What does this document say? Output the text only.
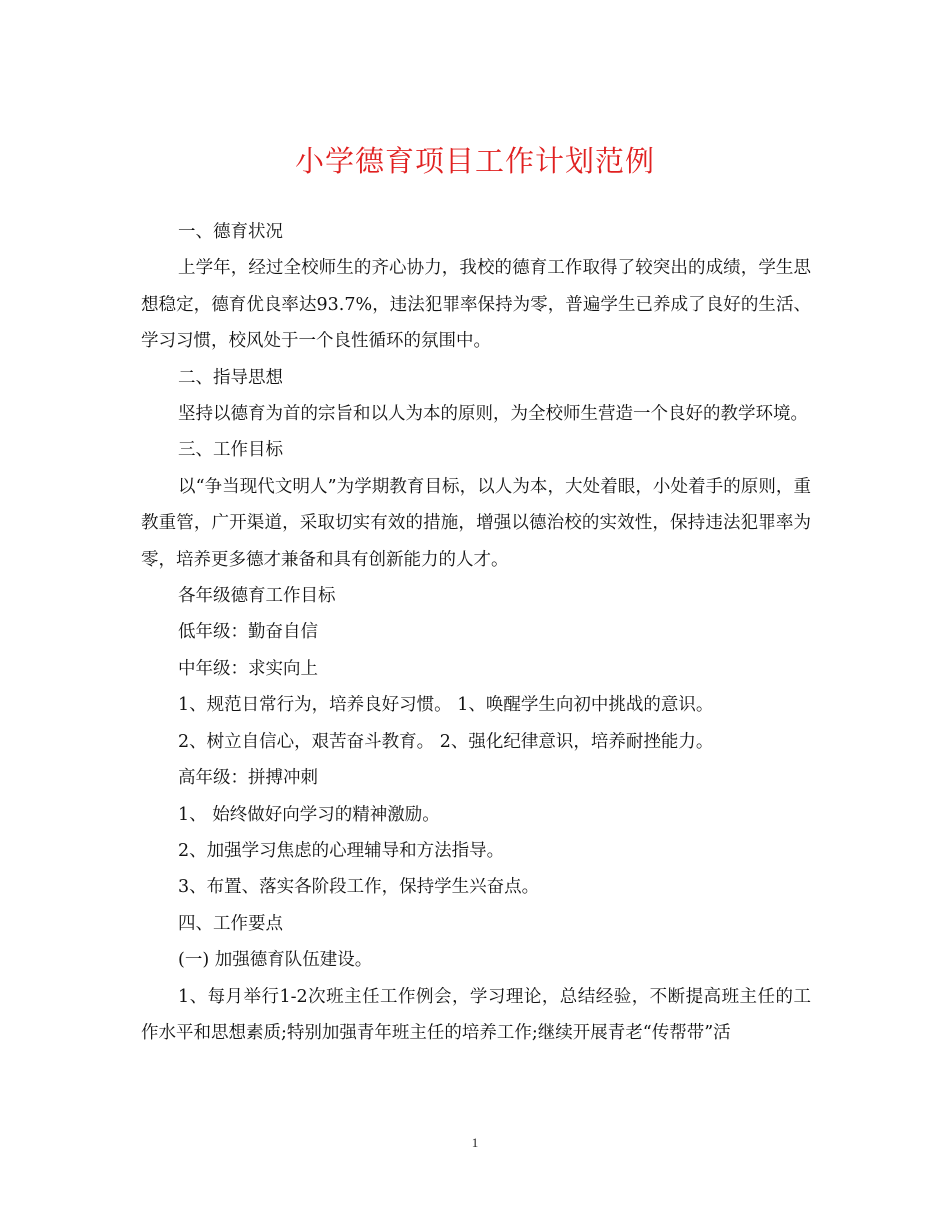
小学德育项目工作计划范例

一、德育状况

上学年，经过全校师生的齐心协力，我校的德育工作取得了较突出的成绩，学生思想稳定，德育优良率达93.7%，违法犯罪率保持为零，普遍学生已养成了良好的生活、学习习惯，校风处于一个良性循环的氛围中。

二、指导思想

坚持以德育为首的宗旨和以人为本的原则，为全校师生营造一个良好的教学环境。

三、工作目标

以“争当现代文明人”为学期教育目标，以人为本，大处着眼，小处着手的原则，重教重管，广开渠道，采取切实有效的措施，增强以德治校的实效性，保持违法犯罪率为零，培养更多德才兼备和具有创新能力的人才。

各年级德育工作目标

低年级：勤奋自信

中年级：求实向上

1、规范日常行为，培养良好习惯。 1、唤醒学生向初中挑战的意识。

2、树立自信心，艰苦奋斗教育。 2、强化纪律意识，培养耐挫能力。

高年级：拼搏冲刺

1、 始终做好向学习的精神激励。

2、加强学习焦虑的心理辅导和方法指导。

3、布置、落实各阶段工作，保持学生兴奋点。

四、工作要点

(一) 加强德育队伍建设。

1、每月举行1-2次班主任工作例会，学习理论，总结经验，不断提高班主任的工作水平和思想素质;特别加强青年班主任的培养工作;继续开展青老“传帮带”活

1
